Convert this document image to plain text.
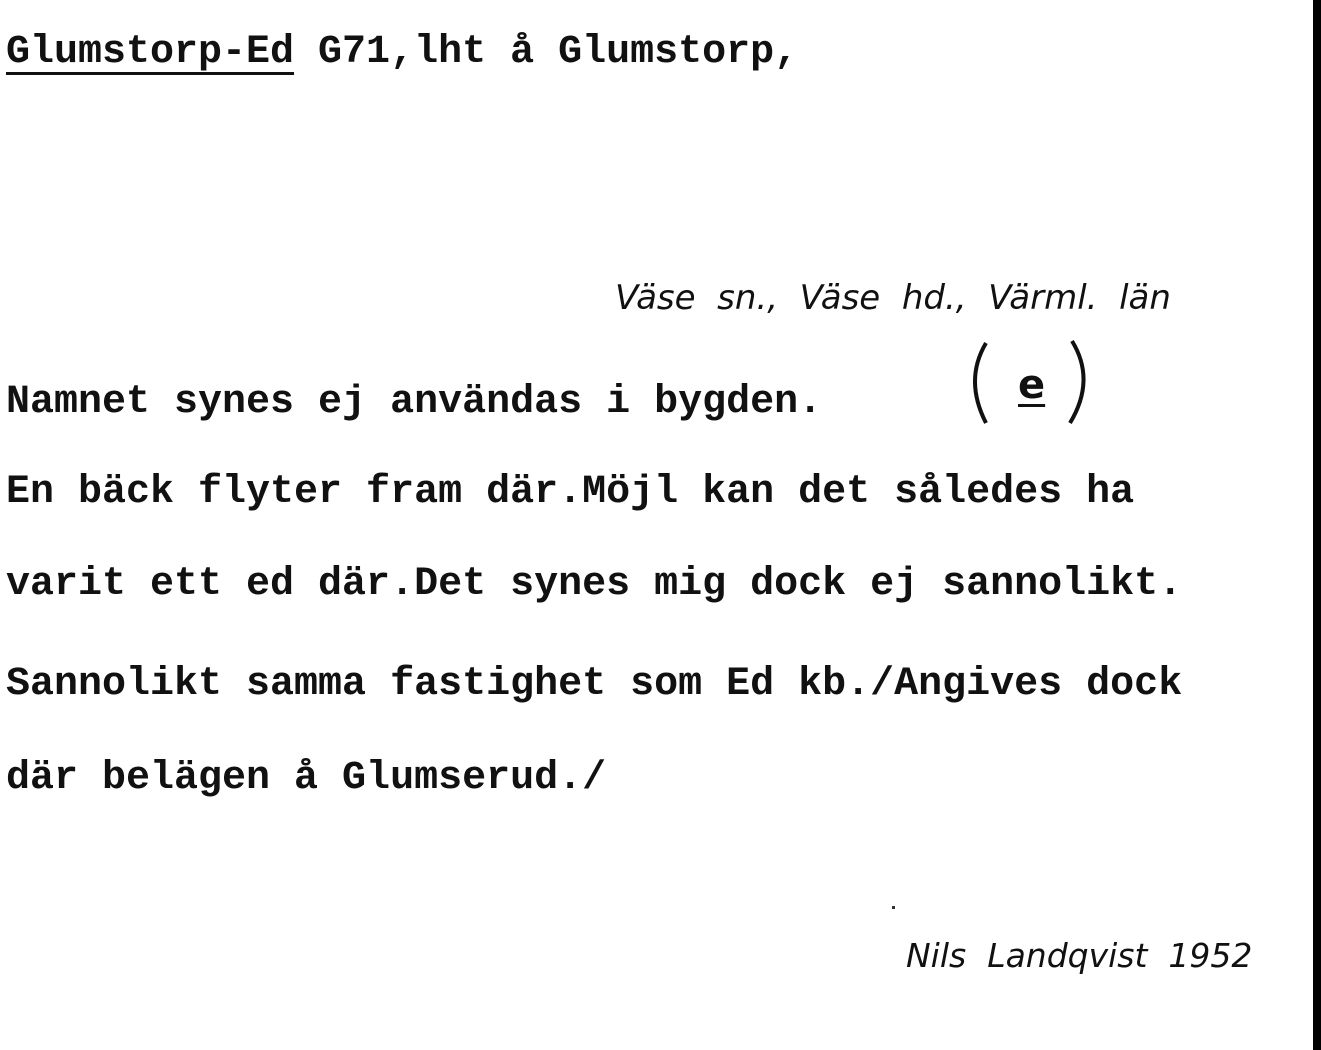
Glumstorp-Ed G71,lht å Glumstorp,
Väse  sn.,  Väse  hd.,  Värml.  län
Namnet synes ej användas i bygden.	e
En bäck flyter fram där.Möjl kan det således ha
varit ett ed där.Det synes mig dock ej sannolikt.
Sannolikt samma fastighet som Ed kb./Angives dock
där belägen å Glumserud./
Nils  Landqvist  1952
